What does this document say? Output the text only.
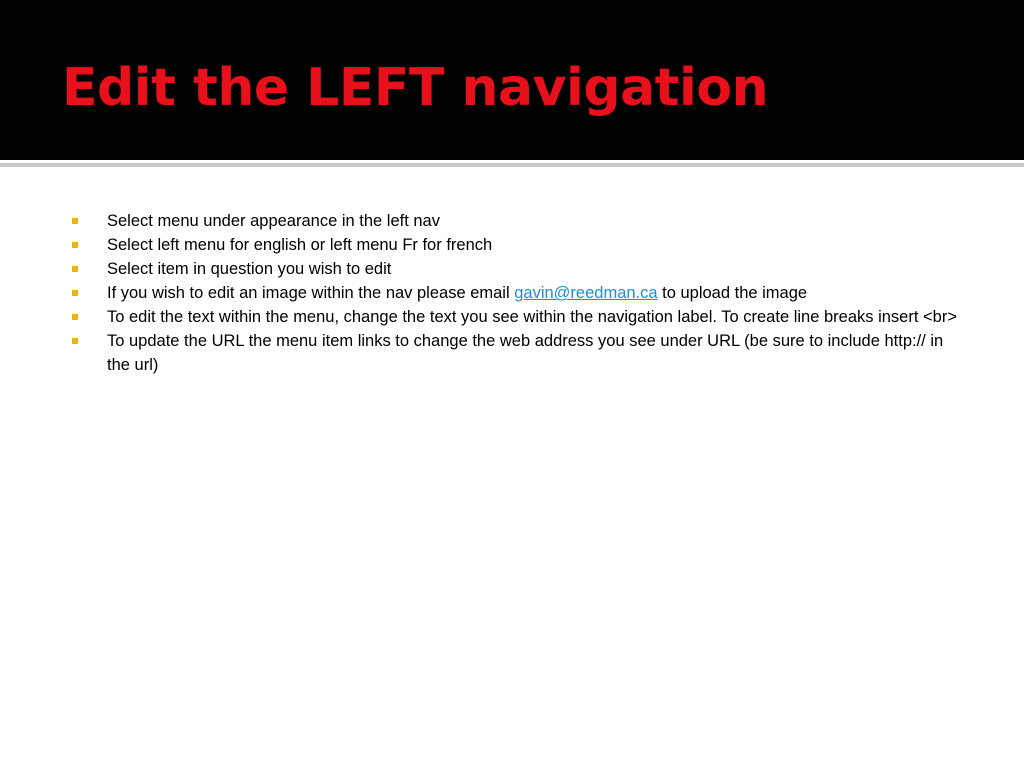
Edit the LEFT navigation
Select menu under appearance in the left nav
Select left menu for english or left menu Fr for french
Select item in question you wish to edit
If you wish to edit an image within the nav please email gavin@reedman.ca to upload the image
To edit the text within the menu, change the text you see within the navigation label. To create line breaks insert <br>
To update the URL the menu item links to change the web address you see under URL (be sure to include http:// in the url)
